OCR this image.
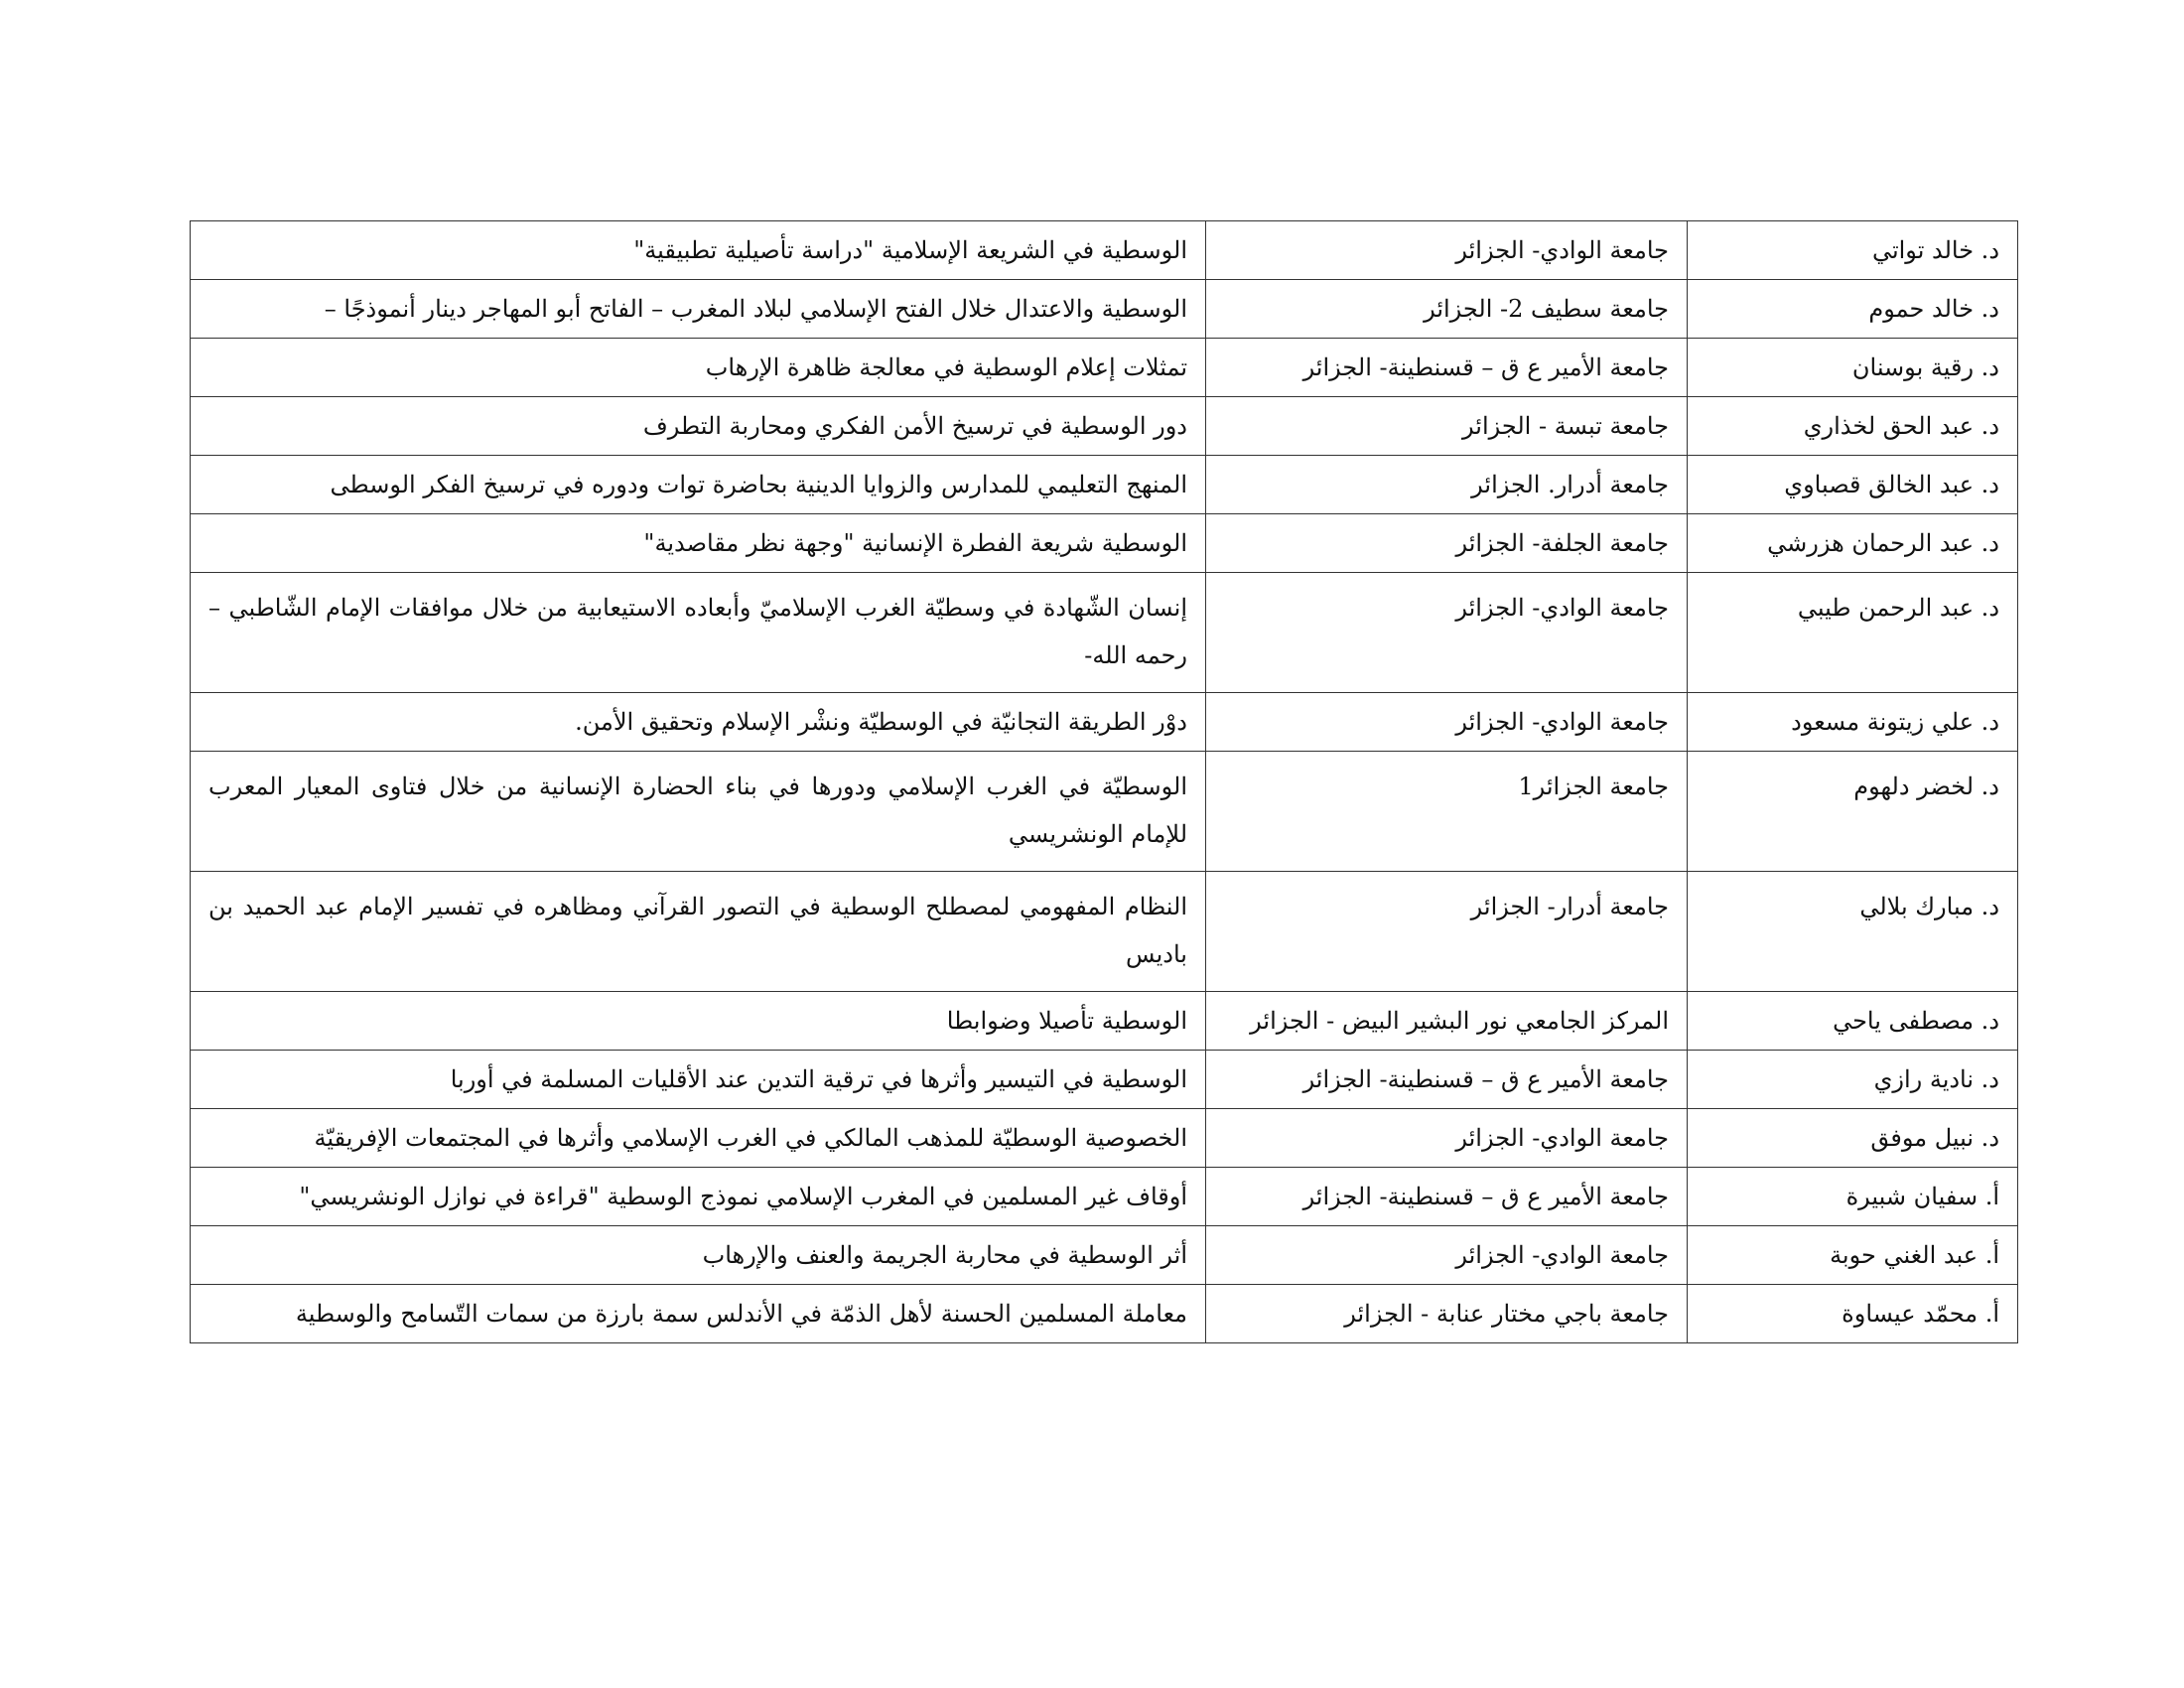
د. خالد تواتي	جامعة الوادي- الجزائر	الوسطية في الشريعة الإسلامية "دراسة تأصيلية تطبيقية"
د. خالد حموم	جامعة سطيف 2- الجزائر	الوسطية والاعتدال خلال الفتح الإسلامي لبلاد المغرب – الفاتح أبو المهاجر دينار أنموذجًا –
د. رقية بوسنان	جامعة الأمير ع ق – قسنطينة- الجزائر	تمثلات إعلام الوسطية في معالجة ظاهرة الإرهاب
د. عبد الحق لخذاري	جامعة تبسة - الجزائر	دور الوسطية في ترسيخ الأمن الفكري ومحاربة التطرف
د. عبد الخالق قصباوي	جامعة أدرار. الجزائر	المنهج التعليمي للمدارس والزوايا الدينية بحاضرة توات ودوره في ترسيخ الفكر الوسطى
د. عبد الرحمان هزرشي	جامعة الجلفة- الجزائر	الوسطية شريعة الفطرة الإنسانية "وجهة نظر مقاصدية"
د. عبد الرحمن طيبي	جامعة الوادي- الجزائر	إنسان الشّهادة في وسطيّة الغرب الإسلاميّ وأبعاده الاستيعابية من خلال موافقات الإمام الشّاطبي –رحمه الله-
د. علي زيتونة مسعود	جامعة الوادي- الجزائر	دوْر الطريقة التجانيّة في الوسطيّة ونشْر الإسلام وتحقيق الأمن.
د. لخضر دلهوم	جامعة الجزائر1	الوسطيّة في الغرب الإسلامي ودورها في بناء الحضارة الإنسانية من خلال فتاوى المعيار المعرب للإمام الونشريسي
د. مبارك بلالي	جامعة أدرار- الجزائر	النظام المفهومي لمصطلح الوسطية في التصور القرآني ومظاهره في تفسير الإمام عبد الحميد بن باديس
د. مصطفى ياحي	المركز الجامعي نور البشير البيض - الجزائر	الوسطية تأصيلا وضوابطا
د. نادية رازي	جامعة الأمير ع ق – قسنطينة- الجزائر	الوسطية في التيسير وأثرها في ترقية التدين عند الأقليات المسلمة في أوربا
د. نبيل موفق	جامعة الوادي- الجزائر	الخصوصية الوسطيّة للمذهب المالكي في الغرب الإسلامي وأثرها في المجتمعات الإفريقيّة
أ. سفيان شبيرة	جامعة الأمير ع ق – قسنطينة- الجزائر	أوقاف غير المسلمين في المغرب الإسلامي نموذج الوسطية "قراءة في نوازل الونشريسي"
أ. عبد الغني حوبة	جامعة الوادي- الجزائر	أثر الوسطية في محاربة الجريمة والعنف والإرهاب
أ. محمّد عيساوة	جامعة باجي مختار عنابة - الجزائر	معاملة المسلمين الحسنة لأهل الذمّة في الأندلس سمة بارزة من سمات التّسامح والوسطية
